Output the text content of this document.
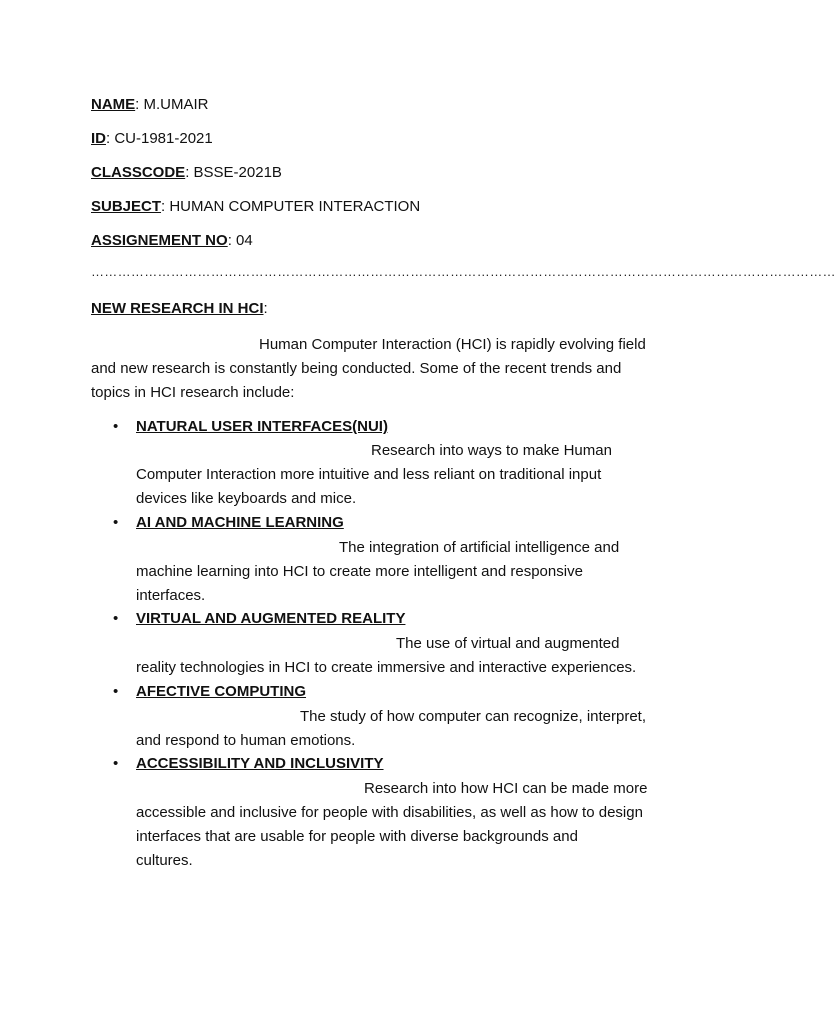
NAME: M.UMAIR
ID: CU-1981-2021
CLASSCODE: BSSE-2021B
SUBJECT: HUMAN COMPUTER INTERACTION
ASSIGNEMENT NO: 04
……………………………………………………………………………………………………………………………………………………
NEW RESEARCH IN HCI:
Human Computer Interaction (HCI) is rapidly evolving field
and new research is constantly being conducted. Some of the recent trends and
topics in HCI research include:
• NATURAL USER INTERFACES(NUI)
Research into ways to make Human
Computer Interaction more intuitive and less reliant on traditional input
devices like keyboards and mice.
• AI AND MACHINE LEARNING
The integration of artificial intelligence and
machine learning into HCI to create more intelligent and responsive
interfaces.
• VIRTUAL AND AUGMENTED REALITY
The use of virtual and augmented
reality technologies in HCI to create immersive and interactive experiences.
• AFECTIVE COMPUTING
The study of how computer can recognize, interpret,
and respond to human emotions.
• ACCESSIBILITY AND INCLUSIVITY
Research into how HCI can be made more
accessible and inclusive for people with disabilities, as well as how to design
interfaces that are usable for people with diverse backgrounds and
cultures.
